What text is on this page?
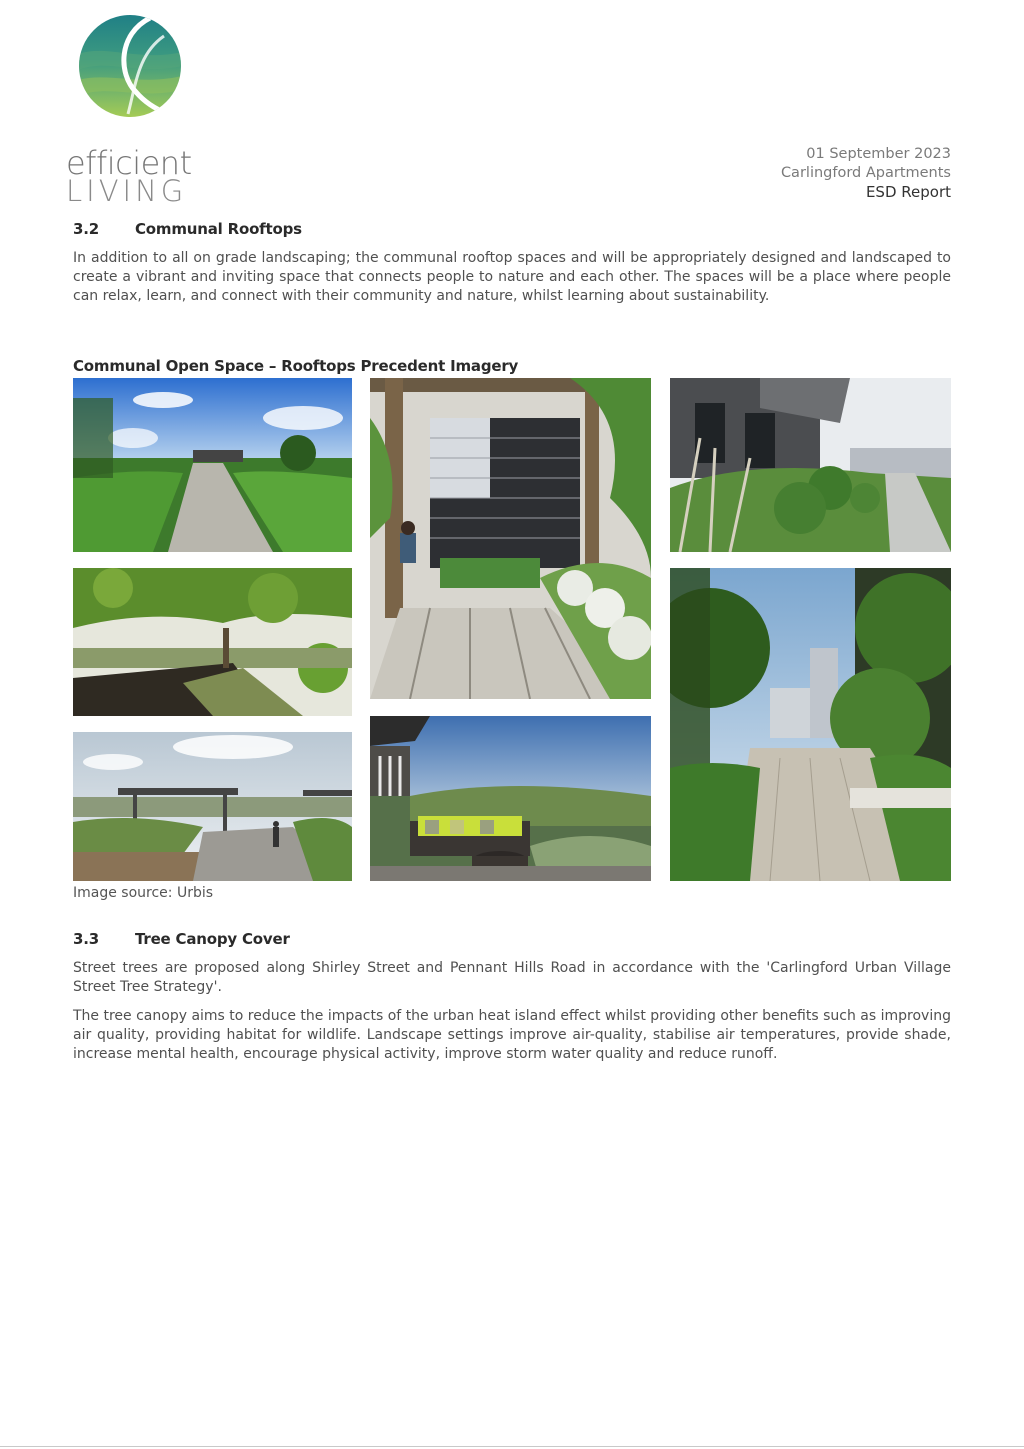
efficient
LIVING
01 September 2023
Carlingford Apartments
ESD Report
3.2 Communal Rooftops

In addition to all on grade landscaping; the communal rooftop spaces and will be appropriately designed and landscaped to create a vibrant and inviting space that connects people to nature and each other. The spaces will be a place where people can relax, learn, and connect with their community and nature, whilst learning about sustainability.

Communal Open Space – Rooftops Precedent Imagery
Image source: Urbis
3.3 Tree Canopy Cover

Street trees are proposed along Shirley Street and Pennant Hills Road in accordance with the 'Carlingford Urban Village Street Tree Strategy'.

The tree canopy aims to reduce the impacts of the urban heat island effect whilst providing other benefits such as improving air quality, providing habitat for wildlife. Landscape settings improve air-quality, stabilise air temperatures, provide shade, increase mental health, encourage physical activity, improve storm water quality and reduce runoff.
